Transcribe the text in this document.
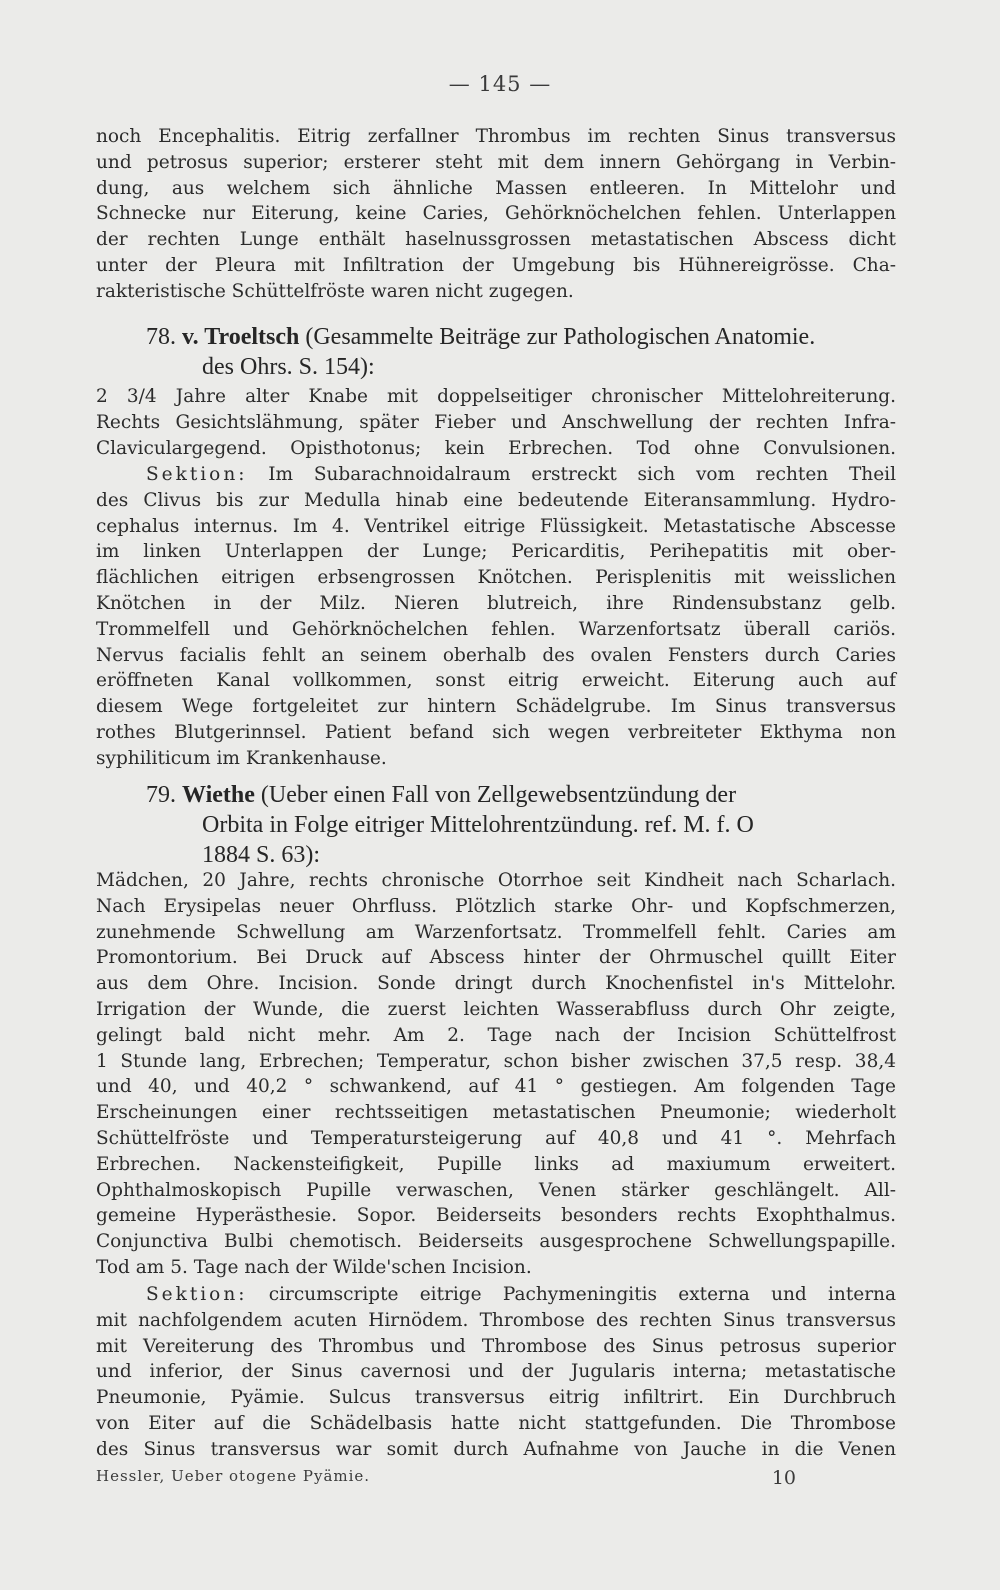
— 145 —
noch Encephalitis. Eitrig zerfallner Thrombus im rechten Sinus transversus
und petrosus superior; ersterer steht mit dem innern Gehörgang in Verbin-
dung, aus welchem sich ähnliche Massen entleeren. In Mittelohr und
Schnecke nur Eiterung, keine Caries, Gehörknöchelchen fehlen. Unterlappen
der rechten Lunge enthält haselnussgrossen metastatischen Abscess dicht
unter der Pleura mit Infiltration der Umgebung bis Hühnereigrösse. Cha-
rakteristische Schüttelfröste waren nicht zugegen.
78. v. Troeltsch (Gesammelte Beiträge zur Pathologischen Anatomie.
des Ohrs. S. 154):
2 3/4 Jahre alter Knabe mit doppelseitiger chronischer Mittelohreiterung.
Rechts Gesichtslähmung, später Fieber und Anschwellung der rechten Infra-
Claviculargegend. Opisthotonus; kein Erbrechen. Tod ohne Convulsionen.
Sektion: Im Subarachnoidalraum erstreckt sich vom rechten Theil
des Clivus bis zur Medulla hinab eine bedeutende Eiteransammlung. Hydro-
cephalus internus. Im 4. Ventrikel eitrige Flüssigkeit. Metastatische Abscesse
im linken Unterlappen der Lunge; Pericarditis, Perihepatitis mit ober-
flächlichen eitrigen erbsengrossen Knötchen. Perisplenitis mit weisslichen
Knötchen in der Milz. Nieren blutreich, ihre Rindensubstanz gelb.
Trommelfell und Gehörknöchelchen fehlen. Warzenfortsatz überall cariös.
Nervus facialis fehlt an seinem oberhalb des ovalen Fensters durch Caries
eröffneten Kanal vollkommen, sonst eitrig erweicht. Eiterung auch auf
diesem Wege fortgeleitet zur hintern Schädelgrube. Im Sinus transversus
rothes Blutgerinnsel. Patient befand sich wegen verbreiteter Ekthyma non
syphiliticum im Krankenhause.
79. Wiethe (Ueber einen Fall von Zellgewebsentzündung der
Orbita in Folge eitriger Mittelohrentzündung. ref. M. f. O
1884 S. 63):
Mädchen, 20 Jahre, rechts chronische Otorrhoe seit Kindheit nach Scharlach.
Nach Erysipelas neuer Ohrfluss. Plötzlich starke Ohr- und Kopfschmerzen,
zunehmende Schwellung am Warzenfortsatz. Trommelfell fehlt. Caries am
Promontorium. Bei Druck auf Abscess hinter der Ohrmuschel quillt Eiter
aus dem Ohre. Incision. Sonde dringt durch Knochenfistel in's Mittelohr.
Irrigation der Wunde, die zuerst leichten Wasserabfluss durch Ohr zeigte,
gelingt bald nicht mehr. Am 2. Tage nach der Incision Schüttelfrost
1 Stunde lang, Erbrechen; Temperatur, schon bisher zwischen 37,5 resp. 38,4
und 40, und 40,2 ° schwankend, auf 41 ° gestiegen. Am folgenden Tage
Erscheinungen einer rechtsseitigen metastatischen Pneumonie; wiederholt
Schüttelfröste und Temperatursteigerung auf 40,8 und 41 °. Mehrfach
Erbrechen. Nackensteifigkeit, Pupille links ad maxiumum erweitert.
Ophthalmoskopisch Pupille verwaschen, Venen stärker geschlängelt. All-
gemeine Hyperästhesie. Sopor. Beiderseits besonders rechts Exophthalmus.
Conjunctiva Bulbi chemotisch. Beiderseits ausgesprochene Schwellungspapille.
Tod am 5. Tage nach der Wilde'schen Incision.
Sektion: circumscripte eitrige Pachymeningitis externa und interna
mit nachfolgendem acuten Hirnödem. Thrombose des rechten Sinus transversus
mit Vereiterung des Thrombus und Thrombose des Sinus petrosus superior
und inferior, der Sinus cavernosi und der Jugularis interna; metastatische
Pneumonie, Pyämie. Sulcus transversus eitrig infiltrirt. Ein Durchbruch
von Eiter auf die Schädelbasis hatte nicht stattgefunden. Die Thrombose
des Sinus transversus war somit durch Aufnahme von Jauche in die Venen
Hessler, Ueber otogene Pyämie.	10
